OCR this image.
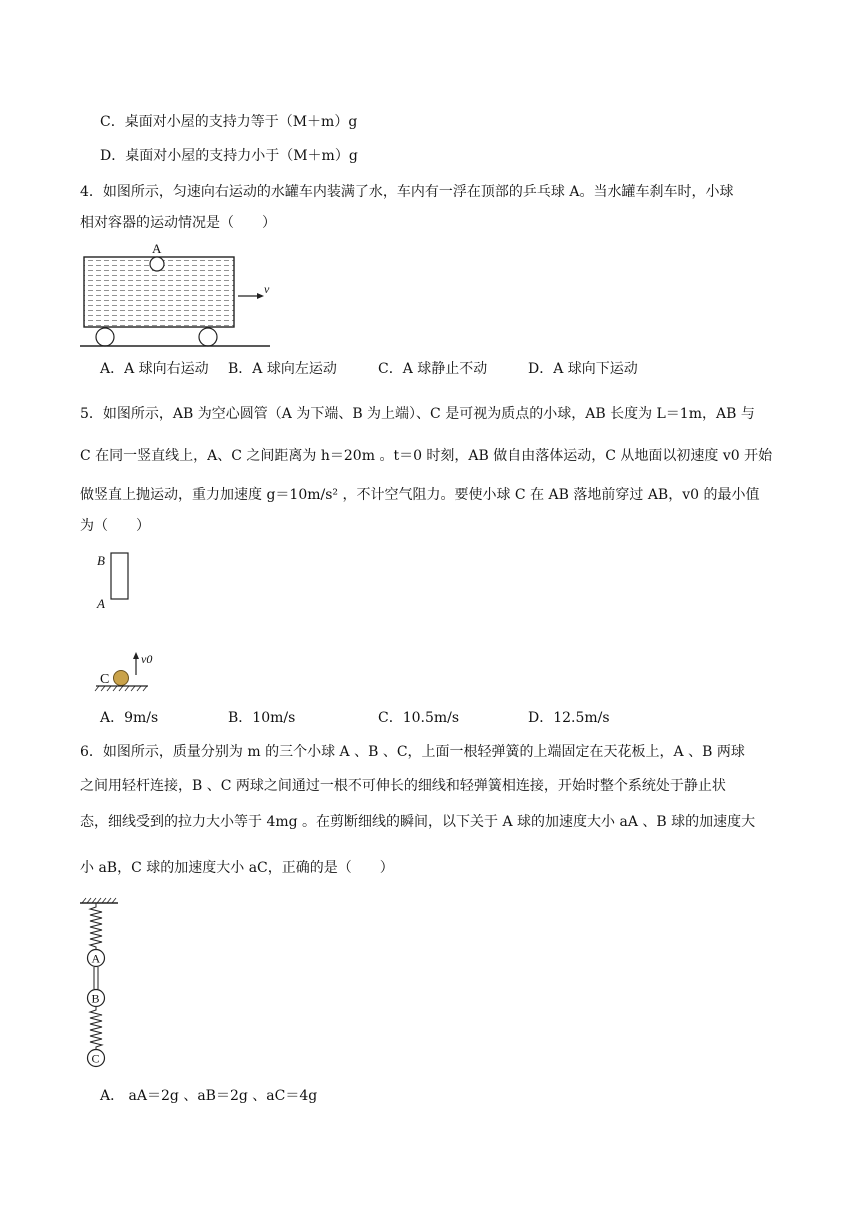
C．桌面对小屋的支持力等于（M＋m）g
D．桌面对小屋的支持力小于（M＋m）g
4．如图所示，匀速向右运动的水罐车内装满了水，车内有一浮在顶部的乒乓球 A。当水罐车刹车时，小球
相对容器的运动情况是（　　）
A
v
A．A 球向右运动 B．A 球向左运动	C．A 球静止不动	D．A 球向下运动
5．如图所示，AB 为空心圆管（A 为下端、B 为上端）、C 是可视为质点的小球，AB 长度为 L＝1m，AB 与
C 在同一竖直线上，A、C 之间距离为 h＝20m 。t＝0 时刻，AB 做自由落体运动，C 从地面以初速度 v0 开始
做竖直上抛运动，重力加速度 g＝10m/s² ，不计空气阻力。要使小球 C 在 AB 落地前穿过 AB，v0 的最小值
为（　　）
B
A
v0
C
A．9m/s	B．10m/s	C．10.5m/s	D．12.5m/s
6．如图所示，质量分别为 m 的三个小球 A 、B 、C，上面一根轻弹簧的上端固定在天花板上，A 、B 两球
之间用轻杆连接，B 、C 两球之间通过一根不可伸长的细线和轻弹簧相连接，开始时整个系统处于静止状
态，细线受到的拉力大小等于 4mg 。在剪断细线的瞬间，以下关于 A 球的加速度大小 aA 、B 球的加速度大
小 aB，C 球的加速度大小 aC，正确的是（　　）
A
B
C
A． aA＝2g 、aB＝2g 、aC＝4g
